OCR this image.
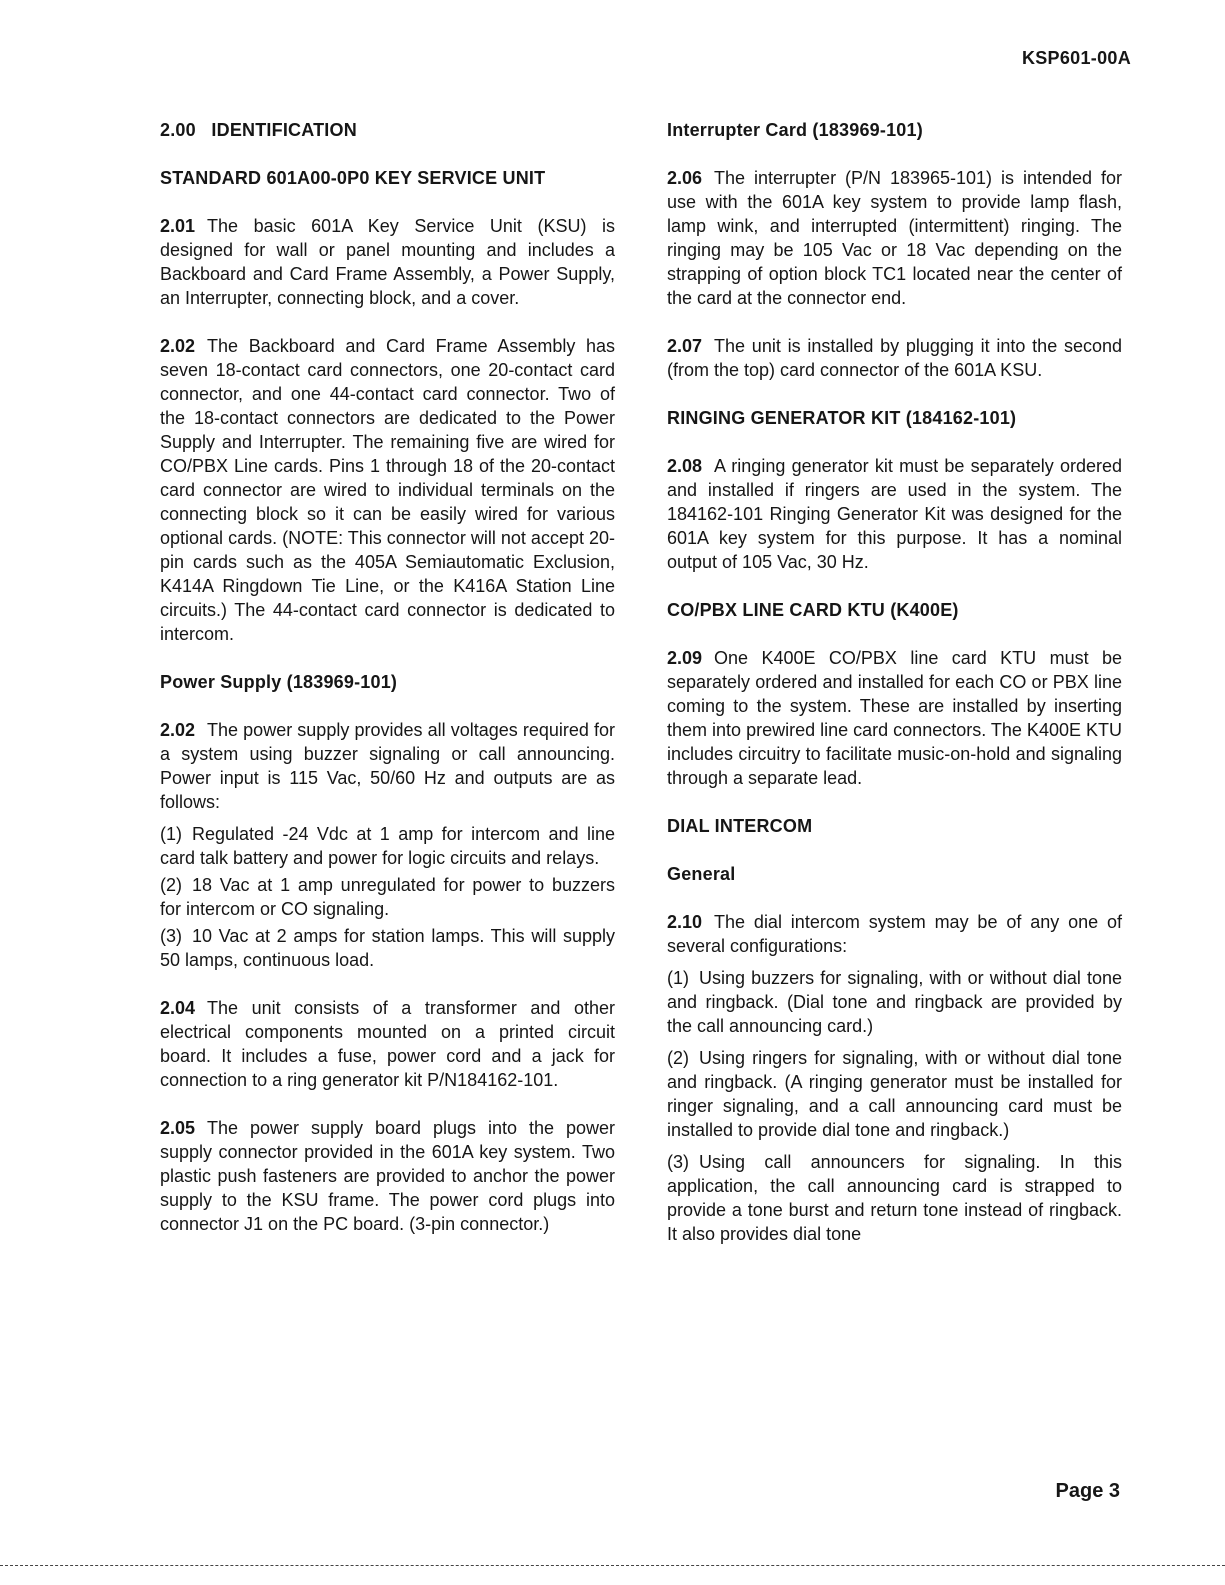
KSP601-00A
2.00   IDENTIFICATION
STANDARD 601A00-0P0 KEY SERVICE UNIT

2.01 The basic 601A Key Service Unit (KSU) is designed for wall or panel mounting and includes a Backboard and Card Frame Assembly, a Power Supply, an Interrupter, connecting block, and a cover.

2.02 The Backboard and Card Frame Assembly has seven 18-contact card connectors, one 20-contact card connector, and one 44-contact card connector. Two of the 18-contact connectors are dedicated to the Power Supply and Interrupter. The remaining five are wired for CO/PBX Line cards. Pins 1 through 18 of the 20-contact card connector are wired to individual terminals on the connecting block so it can be easily wired for various optional cards. (NOTE: This connector will not accept 20-pin cards such as the 405A Semiautomatic Exclusion, K414A Ringdown Tie Line, or the K416A Station Line circuits.) The 44-contact card connector is dedicated to intercom.

Power Supply (183969-101)

2.02 The power supply provides all voltages required for a system using buzzer signaling or call announcing. Power input is 115 Vac, 50/60 Hz and outputs are as follows:

(1) Regulated -24 Vdc at 1 amp for intercom and line card talk battery and power for logic circuits and relays.

(2) 18 Vac at 1 amp unregulated for power to buzzers for intercom or CO signaling.

(3) 10 Vac at 2 amps for station lamps. This will supply 50 lamps, continuous load.

2.04 The unit consists of a transformer and other electrical components mounted on a printed circuit board. It includes a fuse, power cord and a jack for connection to a ring generator kit P/N184162-101.

2.05 The power supply board plugs into the power supply connector provided in the 601A key system. Two plastic push fasteners are provided to anchor the power supply to the KSU frame. The power cord plugs into connector J1 on the PC board. (3-pin connector.)

Interrupter Card (183969-101)

2.06 The interrupter (P/N 183965-101) is intended for use with the 601A key system to provide lamp flash, lamp wink, and interrupted (intermittent) ringing. The ringing may be 105 Vac or 18 Vac depending on the strapping of option block TC1 located near the center of the card at the connector end.

2.07 The unit is installed by plugging it into the second (from the top) card connector of the 601A KSU.

RINGING GENERATOR KIT (184162-101)

2.08 A ringing generator kit must be separately ordered and installed if ringers are used in the system. The 184162-101 Ringing Generator Kit was designed for the 601A key system for this purpose. It has a nominal output of 105 Vac, 30 Hz.

CO/PBX LINE CARD KTU (K400E)

2.09 One K400E CO/PBX line card KTU must be separately ordered and installed for each CO or PBX line coming to the system. These are installed by inserting them into prewired line card connectors. The K400E KTU includes circuitry to facilitate music-on-hold and signaling through a separate lead.

DIAL INTERCOM
General

2.10 The dial intercom system may be of any one of several configurations:

(1) Using buzzers for signaling, with or without dial tone and ringback. (Dial tone and ringback are provided by the call announcing card.)

(2) Using ringers for signaling, with or without dial tone and ringback. (A ringing generator must be installed for ringer signaling, and a call announcing card must be installed to provide dial tone and ringback.)

(3) Using call announcers for signaling. In this application, the call announcing card is strapped to provide a tone burst and return tone instead of ringback. It also provides dial tone

Page 3
